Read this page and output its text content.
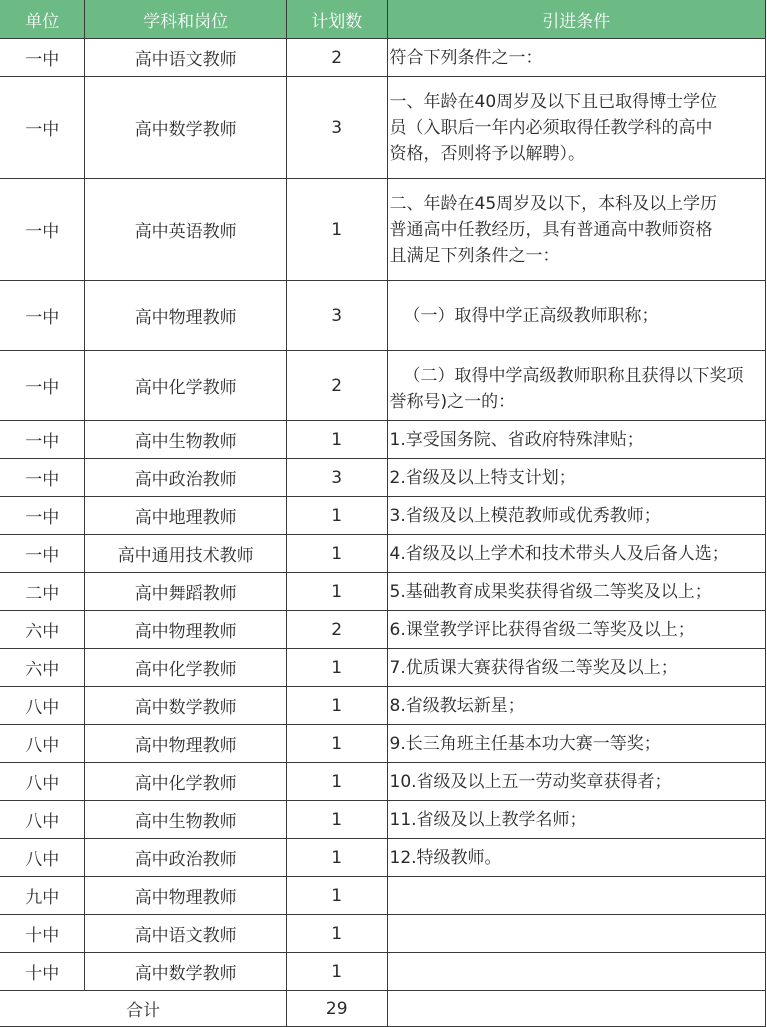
单位	学科和岗位	计划数	引进条件
一中	高中语文教师	2	符合下列条件之一：

一中	高中数学教师	3	一、年龄在40周岁及以下且已取得博士学位
员（入职后一年内必须取得任教学科的高中
资格，否则将予以解聘）。

一中	高中英语教师	1	二、年龄在45周岁及以下，本科及以上学历
普通高中任教经历，具有普通高中教师资格
且满足下列条件之一：

一中	高中物理教师	3	（一）取得中学正高级教师职称；

一中	高中化学教师	2	（二）取得中学高级教师职称且获得以下奖项
誉称号)之一的：

一中	高中生物教师	1	1.享受国务院、省政府特殊津贴；

一中	高中政治教师	3	2.省级及以上特支计划；

一中	高中地理教师	1	3.省级及以上模范教师或优秀教师；

一中	高中通用技术教师	1	4.省级及以上学术和技术带头人及后备人选；

二中	高中舞蹈教师	1	5.基础教育成果奖获得省级二等奖及以上；

六中	高中物理教师	2	6.课堂教学评比获得省级二等奖及以上；

六中	高中化学教师	1	7.优质课大赛获得省级二等奖及以上；

八中	高中数学教师	1	8.省级教坛新星；

八中	高中物理教师	1	9.长三角班主任基本功大赛一等奖；

八中	高中化学教师	1	10.省级及以上五一劳动奖章获得者；

八中	高中生物教师	1	11.省级及以上教学名师；

八中	高中政治教师	1	12.特级教师。

九中	高中物理教师	1	
十中	高中语文教师	1	
十中	高中数学教师	1	
合计		29	
